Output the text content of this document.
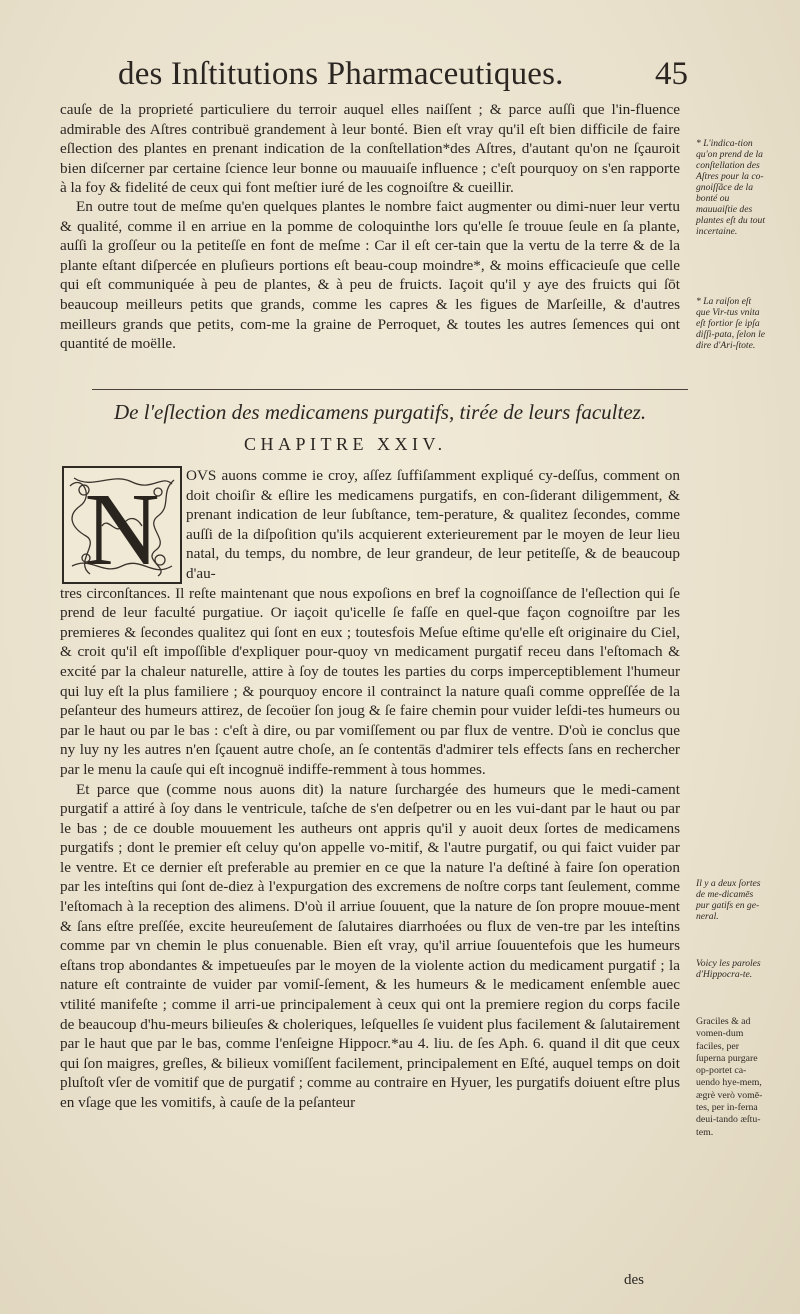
des Inſtitutions Pharmaceutiques.	45

cauſe de la proprieté particuliere du terroir auquel elles naiſſent ; & parce auſſi que l'in-fluence admirable des Aſtres contribuë grandement à leur bonté. Bien eſt vray qu'il eſt bien difficile de faire eſlection des plantes en prenant indication de la conſtellation*des Aſtres, d'autant qu'on ne ſçauroit bien diſcerner par certaine ſcience leur bonne ou mauuaiſe influence ; c'eſt pourquoy on s'en rapporte à la foy & fidelité de ceux qui font meſtier iuré de les cognoiſtre & cueillir.

En outre tout de meſme qu'en quelques plantes le nombre faict augmenter ou dimi-nuer leur vertu & qualité, comme il en arriue en la pomme de coloquinthe lors qu'elle ſe trouue ſeule en ſa plante, auſſi la groſſeur ou la petiteſſe en font de meſme : Car il eſt cer-tain que la vertu de la terre & de la plante eſtant diſpercée en pluſieurs portions eſt beau-coup moindre*, & moins efficacieuſe que celle qui eſt communiquée à peu de plantes, & à peu de fruicts. Iaçoit qu'il y aye des fruicts qui ſōt beaucoup meilleurs petits que grands, comme les capres & les figues de Marſeille, & d'autres meilleurs grands que petits, com-me la graine de Perroquet, & toutes les autres ſemences qui ont quantité de moëlle.

* L'indica-tion qu'on prend de la conſtellation des Aſtres pour la co-gnoiſſãce de la bonté ou mauuaiſtie des plantes eſt du tout incertaine.
* La raiſon eſt que Vir-tus vnita eſt fortior ſe ipſa diſſi-pata, ſelon le dire d'Ari-ſtote.
De l'eſlection des medicamens purgatifs, tirée de leurs facultez.
CHAPITRE XXIV.
N	OVS auons comme ie croy, aſſez ſuffiſamment expliqué cy-deſſus, comment on doit choiſir & eſlire les medicamens purgatifs, en con-ſiderant diligemment, & prenant indication de leur ſubſtance, tem-perature, & qualitez ſecondes, comme auſſi de la diſpoſition qu'ils acquierent exterieurement par le moyen de leur lieu natal, du temps, du nombre, de leur grandeur, de leur petiteſſe, & de beaucoup d'au-
tres circonſtances. Il reſte maintenant que nous expoſions en bref la cognoiſſance de l'eſlection qui ſe prend de leur faculté purgatiue. Or iaçoit qu'icelle ſe faſſe en quel-que façon cognoiſtre par les premieres & ſecondes qualitez qui ſont en eux ; toutesfois Meſue eſtime qu'elle eſt originaire du Ciel, & croit qu'il eſt impoſſible d'expliquer pour-quoy vn medicament purgatif receu dans l'eſtomach & excité par la chaleur naturelle, attire à ſoy de toutes les parties du corps imperceptiblement l'humeur qui luy eſt la plus familiere ; & pourquoy encore il contrainct la nature quaſi comme oppreſſée de la peſanteur des humeurs attirez, de ſecoüer ſon joug & ſe faire chemin pour vuider leſdi-tes humeurs ou par le haut ou par le bas : c'eſt à dire, ou par vomiſſement ou par flux de ventre. D'où ie conclus que ny luy ny les autres n'en ſçauent autre choſe, an ſe contentās d'admirer tels effects ſans en rechercher par le menu la cauſe qui eſt incognuë indiffe-remment à tous hommes.

Et parce que (comme nous auons dit) la nature ſurchargée des humeurs que le medi-cament purgatif a attiré à ſoy dans le ventricule, taſche de s'en deſpetrer ou en les vui-dant par le haut ou par le bas ; de ce double mouuement les autheurs ont appris qu'il y auoit deux ſortes de medicamens purgatifs ; dont le premier eſt celuy qu'on appelle vo-mitif, & l'autre purgatif, ou qui faict vuider par le ventre. Et ce dernier eſt preferable au premier en ce que la nature l'a deſtiné à faire ſon operation par les inteſtins qui ſont de-diez à l'expurgation des excremens de noſtre corps tant ſeulement, comme l'eſtomach à la reception des alimens. D'où il arriue ſouuent, que la nature de ſon propre mouue-ment & ſans eſtre preſſée, excite heureuſement de ſalutaires diarrhoées ou flux de ven-tre par les inteſtins comme par vn chemin le plus conuenable. Bien eſt vray, qu'il arriue ſouuentefois que les humeurs eſtans trop abondantes & impetueuſes par le moyen de la violente action du medicament purgatif ; la nature eſt contrainte de vuider par vomiſ-ſement, & les humeurs & le medicament enſemble auec vtilité manifeſte ; comme il arri-ue principalement à ceux qui ont la premiere region du corps facile de beaucoup d'hu-meurs bilieuſes & choleriques, leſquelles ſe vuident plus facilement & ſalutairement par le haut que par le bas, comme l'enſeigne Hippocr.*au 4. liu. de ſes Aph. 6. quand il dit que ceux qui ſon maigres, greſles, & bilieux vomiſſent facilement, principalement en Eſté, auquel temps on doit pluſtoſt vſer de vomitif que de purgatif ; comme au contraire en Hyuer, les purgatifs doiuent eſtre plus en vſage que les vomitifs, à cauſe de la peſanteur

Il y a deux ſortes de me-dicamēs pur gatifs en ge-neral.
Voicy les paroles d'Hippocra-te.
Graciles & ad vomen-dum faciles, per ſuperna purgare op-portet ca-uendo hye-mem, ægrè verò vomē-tes, per in-ferna deui-tando æſtu-tem.
des
